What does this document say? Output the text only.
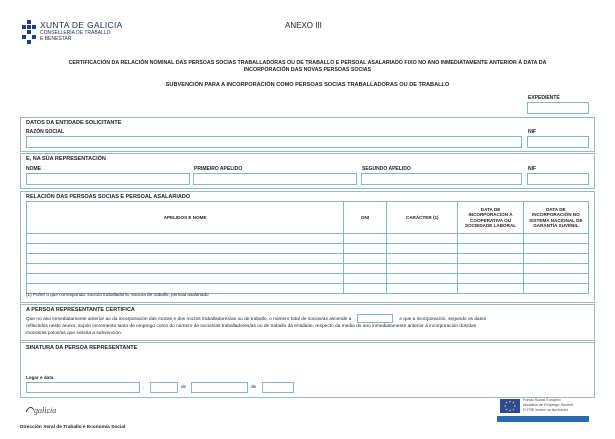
XUNTA DE GALICIA
CONSELLERÍA DE TRABALLO
E BENESTAR
ANEXO III
CERTIFICACIÓN DA RELACIÓN NOMINAL DAS PERSOAS SOCIAS TRABALLADORAS OU DE TRABALLO E PERSOAL ASALARIADO FIXO NO ANO INMEDIATAMENTE ANTERIOR Á DATA DA
INCORPORACIÓN DAS NOVAS PERSOAS SOCIAS
SUBVENCIÓN PARA A INCORPORACIÓN COMO PERSOAS SOCIAS TRABALLADORAS OU DE TRABALLO
EXPEDIENTE
DATOS DA ENTIDADE SOLICITANTE
RAZÓN SOCIAL	NIF
E, NA SÚA REPRESENTACIÓN
NOME	PRIMEIRO APELIDO	SEGUNDO APELIDO	NIF
RELACIÓN DAS PERSOAS SOCIAS E PERSOAL ASALARIADO
APELIDOS E NOME	DNI	CARÁCTER (1)	DATA DE INCORPORACIÓN Á COOPERATIVA OU SOCIEDADE LABORAL	DATA DE INCORPORACIÓN NO SISTEMA NACIONAL DE GARANTÍA XUVENIL

(1) Poñer o que corresponda: socio/a traballador/a, socio/a de traballo, persoal asalariado
A PERSOA REPRESENTANTE CERTIFICA
Que no ano inmediatamente anterior ao da incorporación das mozas e dos mozos traballadores/as ou de traballo, o número total de socios/as ascende a	e que a incorporación, segundo os datos
reflectidos neste anexo, supón incremento tanto de emprego como do número de socios/as traballadores/as ou de traballo da entidade, respecto da media do ano inmediatamente anterior á incorporación dos/das
mozos/as polos/as que solicita a subvención.
SINATURA DA PERSOA REPRESENTANTE
Lugar e data
,	de	de
galicia
Dirección Xeral de Traballo e Economía Social
Fondo Social Europeo
Iniciativa de Emprego Xuvenil
O FSE invirte no teu futuro
